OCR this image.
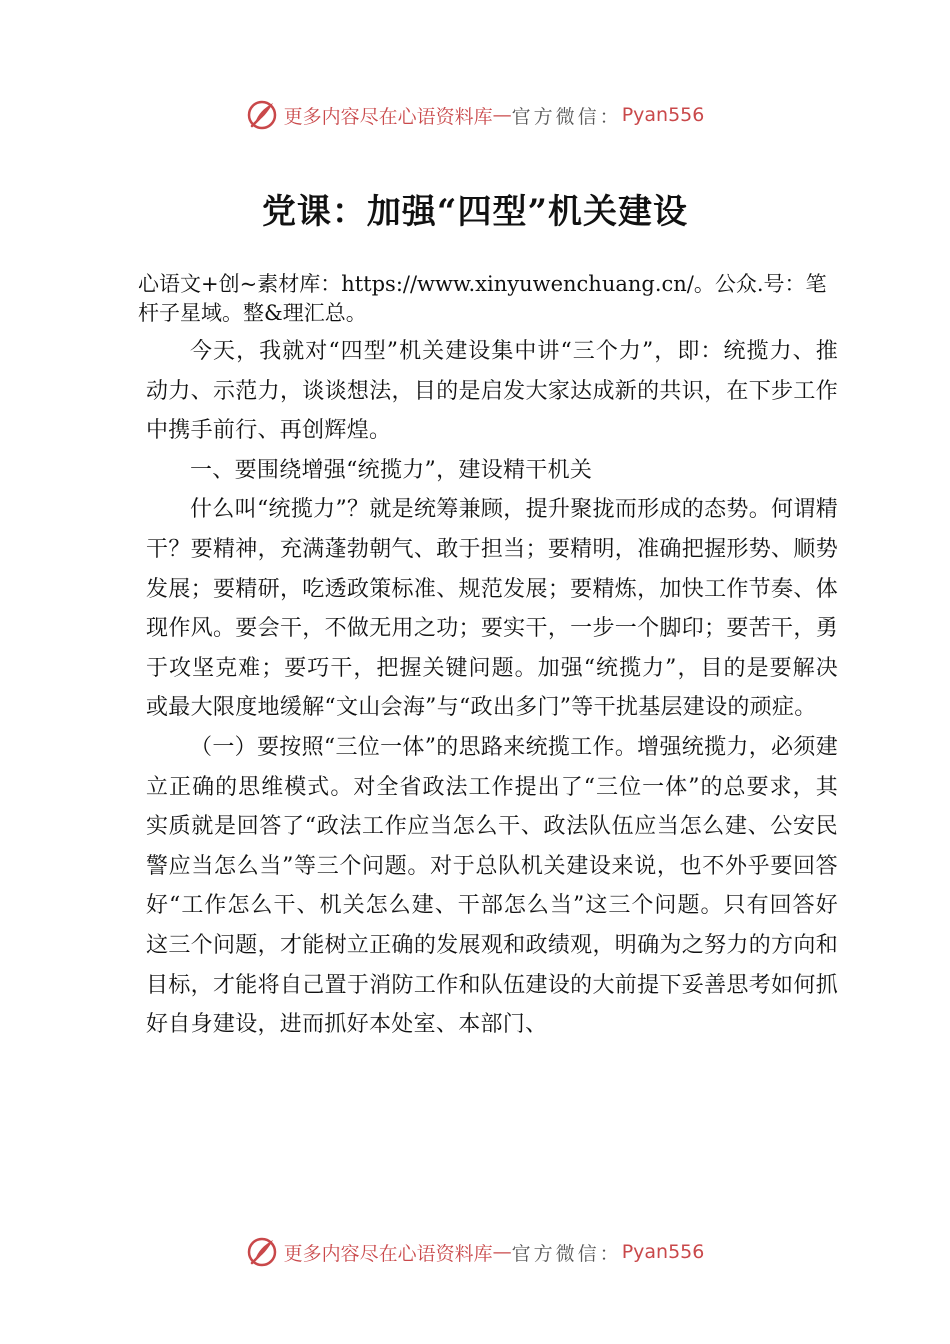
更多内容尽在心语资料库 — 官方微信： Pyan556
党课：加强“四型”机关建设

心语文+创~素材库：https://www.xinyuwenchuang.cn/。公众.号：笔杆子星域。整&理汇总。

今天，我就对“四型”机关建设集中讲“三个力”，即：统揽力、推动力、示范力，谈谈想法，目的是启发大家达成新的共识，在下步工作中携手前行、再创辉煌。

一、要围绕增强“统揽力”，建设精干机关

什么叫“统揽力”？就是统筹兼顾，提升聚拢而形成的态势。何谓精干？要精神，充满蓬勃朝气、敢于担当；要精明，准确把握形势、顺势发展；要精研，吃透政策标准、规范发展；要精炼，加快工作节奏、体现作风。要会干，不做无用之功；要实干，一步一个脚印；要苦干，勇于攻坚克难；要巧干，把握关键问题。加强“统揽力”，目的是要解决或最大限度地缓解“文山会海”与“政出多门”等干扰基层建设的顽症。

（一）要按照“三位一体”的思路来统揽工作。增强统揽力，必须建立正确的思维模式。对全省政法工作提出了“三位一体”的总要求，其实质就是回答了“政法工作应当怎么干、政法队伍应当怎么建、公安民警应当怎么当”等三个问题。对于总队机关建设来说，也不外乎要回答好“工作怎么干、机关怎么建、干部怎么当”这三个问题。只有回答好这三个问题，才能树立正确的发展观和政绩观，明确为之努力的方向和目标，才能将自己置于消防工作和队伍建设的大前提下妥善思考如何抓好自身建设，进而抓好本处室、本部门、

更多内容尽在心语资料库 — 官方微信： Pyan556
